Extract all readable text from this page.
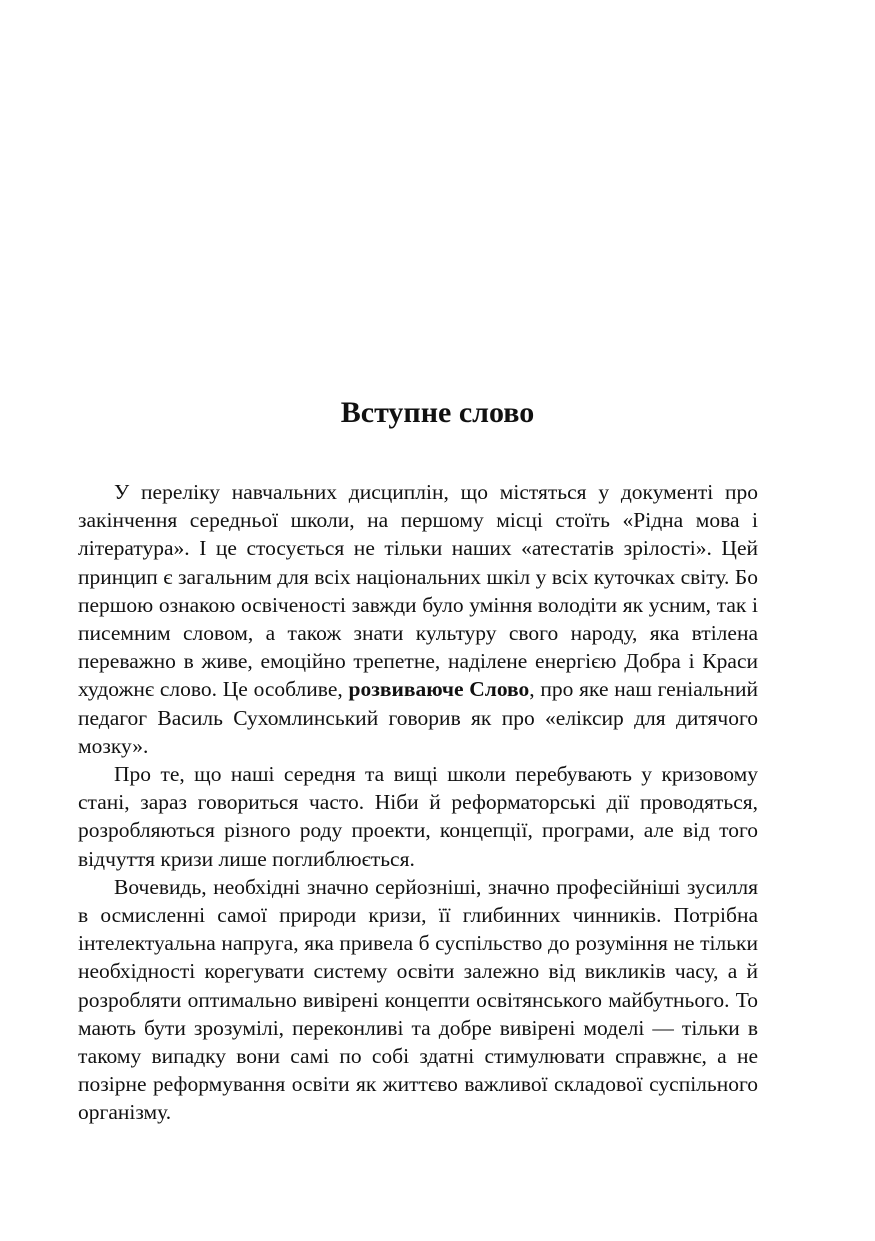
Вступне слово

У переліку навчальних дисциплін, що містяться у документі про закінчення середньої школи, на першому місці стоїть «Рідна мова і література». І це стосується не тільки наших «атестатів зрілості». Цей принцип є загальним для всіх національних шкіл у всіх куточках світу. Бо першою ознакою освіченості завжди було уміння володіти як усним, так і писемним словом, а також знати культуру свого народу, яка втілена переважно в живе, емоційно трепетне, наділене енергією Добра і Краси художнє слово. Це особливе, розвиваюче Слово, про яке наш геніальний педагог Василь Сухомлинський говорив як про «еліксир для дитячого мозку».

Про те, що наші середня та вищі школи перебувають у кризовому стані, зараз говориться часто. Ніби й реформаторські дії проводяться, розробляються різного роду проекти, концепції, програми, але від того відчуття кризи лише поглиблюється.

Вочевидь, необхідні значно серйозніші, значно професійніші зусилля в осмисленні самої природи кризи, її глибинних чинників. Потрібна інтелектуальна напруга, яка привела б суспільство до розуміння не тільки необхідності корегувати систему освіти залежно від викликів часу, а й розробляти оптимально вивірені концепти освітянського майбутнього. То мають бути зрозумілі, переконливі та добре вивірені моделі — тільки в такому випадку вони самі по собі здатні стимулювати справжнє, а не позірне реформування освіти як життєво важливої складової суспільного організму.
